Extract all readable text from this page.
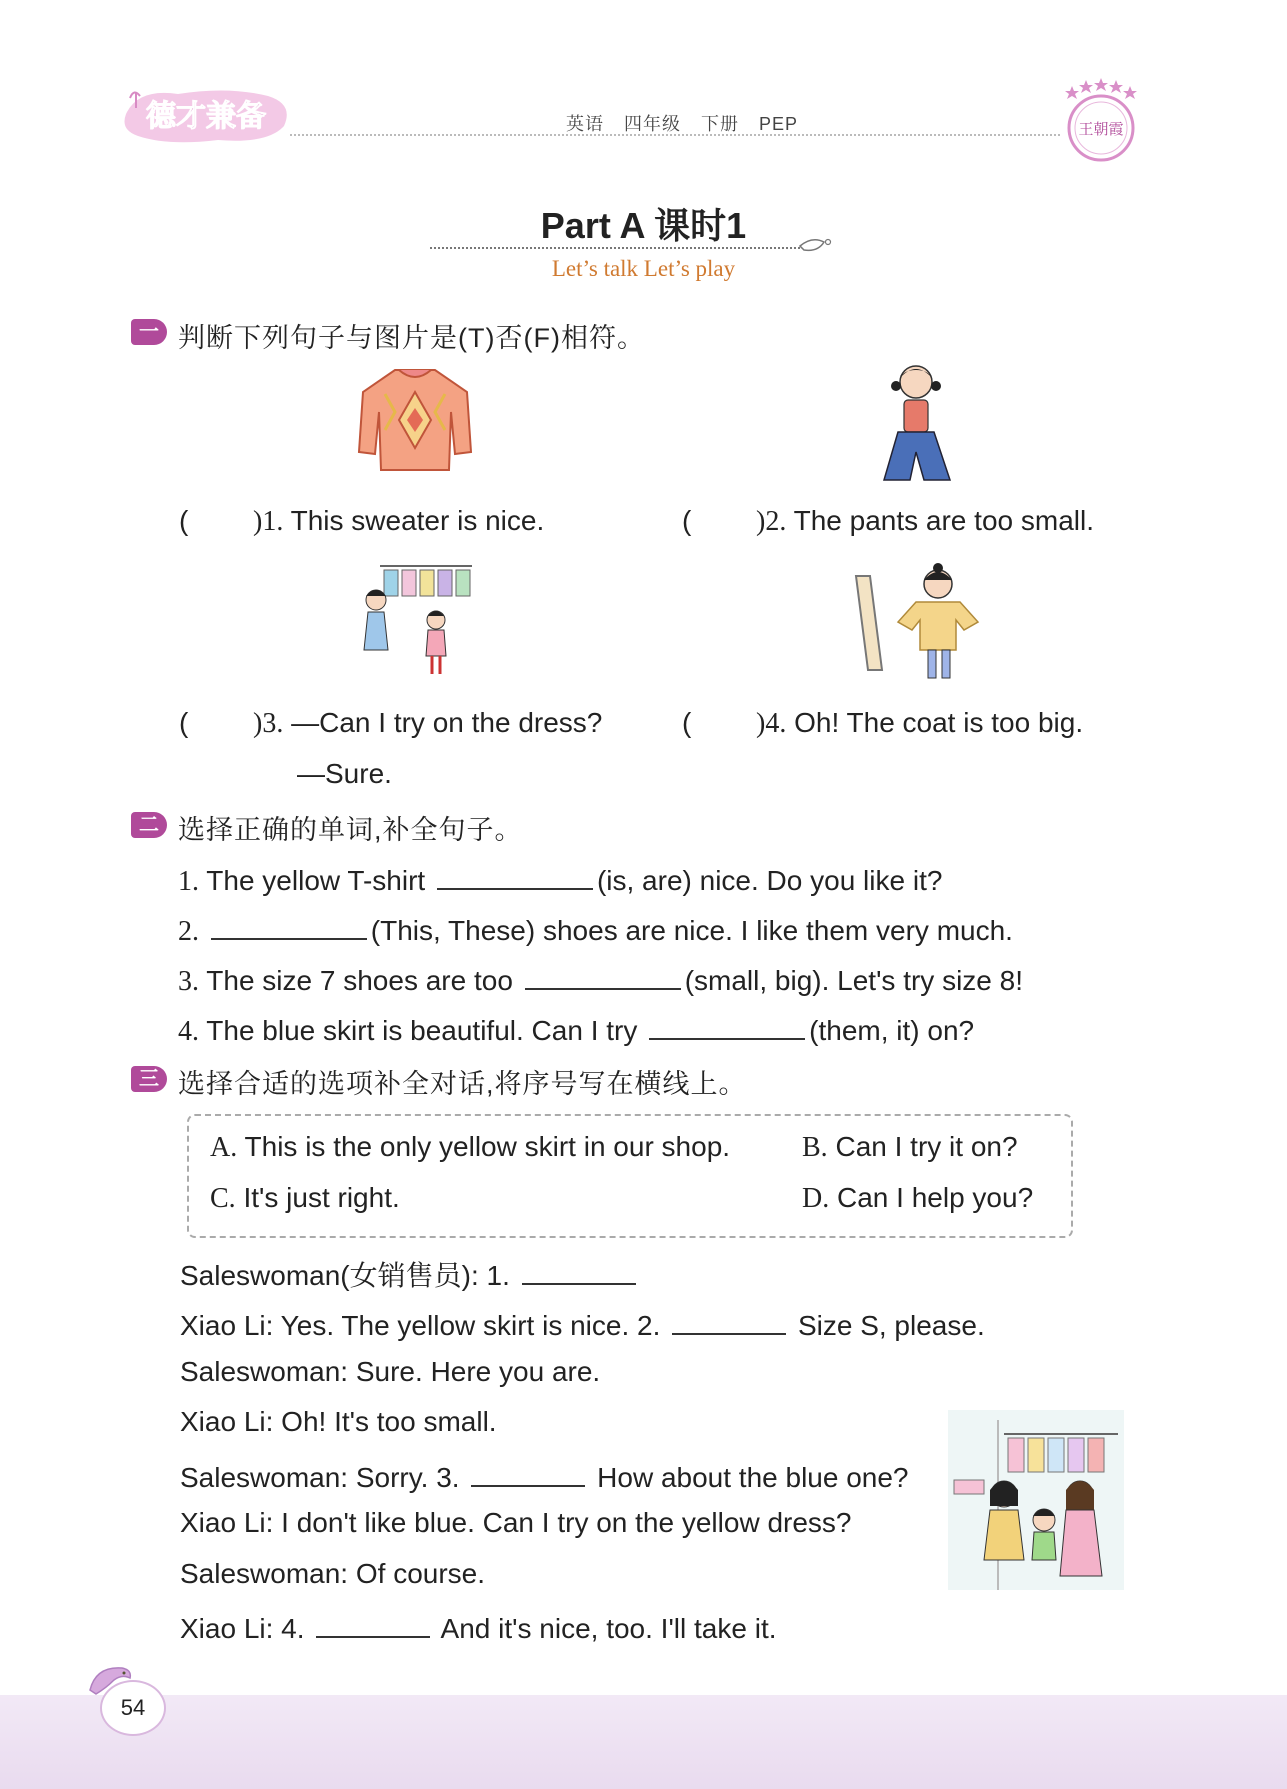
德才兼备	英语 四年级 下册 PEP	王朝霞
Part A 课时1
Let’s talk Let’s play
一 判断下列句子与图片是(T)否(F)相符。
( )1. This sweater is nice.	( )2. The pants are too small.
( )3. —Can I try on the dress?
—Sure.
( )4. Oh! The coat is too big.
二 选择正确的单词,补全句子。
1. The yellow T-shirt	(is, are) nice. Do you like it?
2.	(This, These) shoes are nice. I like them very much.
3. The size 7 shoes are too	(small, big). Let's try size 8!
4. The blue skirt is beautiful. Can I try	(them, it) on?
三 选择合适的选项补全对话,将序号写在横线上。
A. This is the only yellow skirt in our shop.	B. Can I try it on?
C. It's just right.	D. Can I help you?
Saleswoman(女销售员): 1.
Xiao Li: Yes. The yellow skirt is nice. 2.	Size S, please.
Saleswoman: Sure. Here you are.
Xiao Li: Oh! It's too small.
Saleswoman: Sorry. 3.	How about the blue one?
Xiao Li: I don't like blue. Can I try on the yellow dress?
Saleswoman: Of course.
Xiao Li: 4.	And it's nice, too. I'll take it.
54
